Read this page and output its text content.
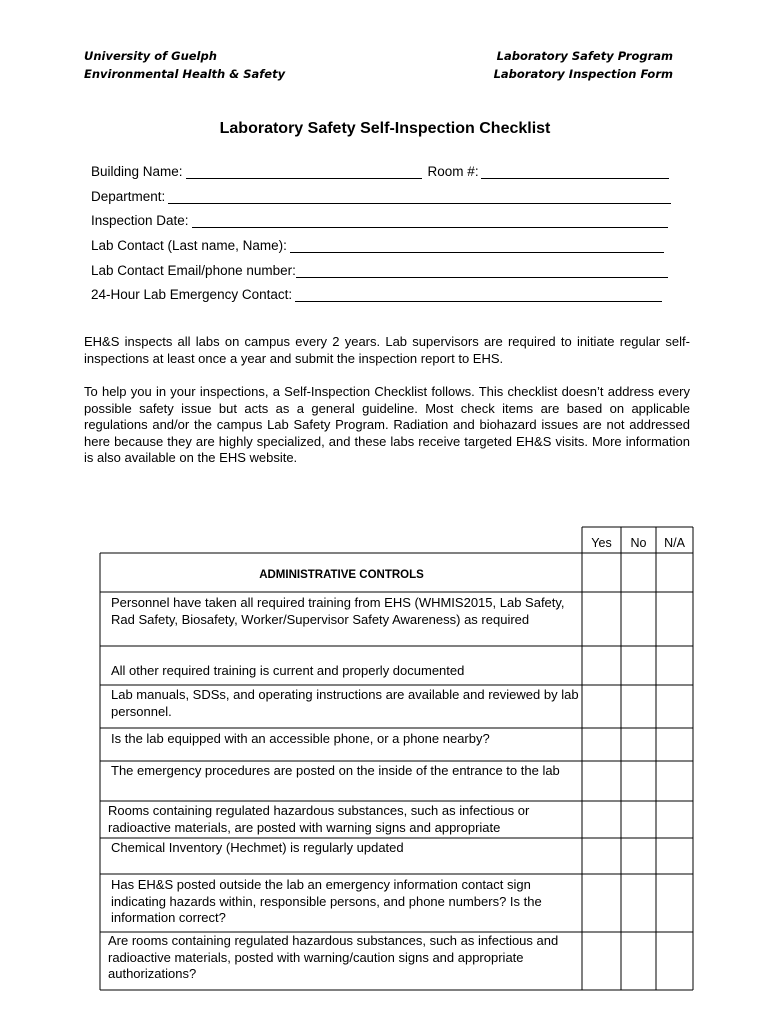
University of Guelph
Environmental Health & Safety
Laboratory Safety Program
Laboratory Inspection Form
Laboratory Safety Self-Inspection Checklist
Building Name:	Room #:
Department:
Inspection Date:
Lab Contact (Last name, Name):
Lab Contact Email/phone number:
24-Hour Lab Emergency Contact:
EH&S inspects all labs on campus every 2 years. Lab supervisors are required to initiate regular self-inspections at least once a year and submit the inspection report to EHS.
To help you in your inspections, a Self-Inspection Checklist follows. This checklist doesn’t address every possible safety issue but acts as a general guideline. Most check items are based on applicable regulations and/or the campus Lab Safety Program. Radiation and biohazard issues are not addressed here because they are highly specialized, and these labs receive targeted EH&S visits. More information is also available on the EHS website.
Yes	No	N/A
ADMINISTRATIVE CONTROLS
Personnel have taken all required training from EHS (WHMIS2015, Lab Safety, Rad Safety, Biosafety, Worker/Supervisor Safety Awareness) as required
All other required training is current and properly documented
Lab manuals, SDSs, and operating instructions are available and reviewed by lab personnel.
Is the lab equipped with an accessible phone, or a phone nearby?
The emergency procedures are posted on the inside of the entrance to the lab
Rooms containing regulated hazardous substances, such as infectious or radioactive materials, are posted with warning signs and appropriate
Chemical Inventory (Hechmet) is regularly updated
Has EH&S posted outside the lab an emergency information contact sign indicating hazards within, responsible persons, and phone numbers? Is the information correct?
Are rooms containing regulated hazardous substances, such as infectious and radioactive materials, posted with warning/caution signs and appropriate authorizations?
